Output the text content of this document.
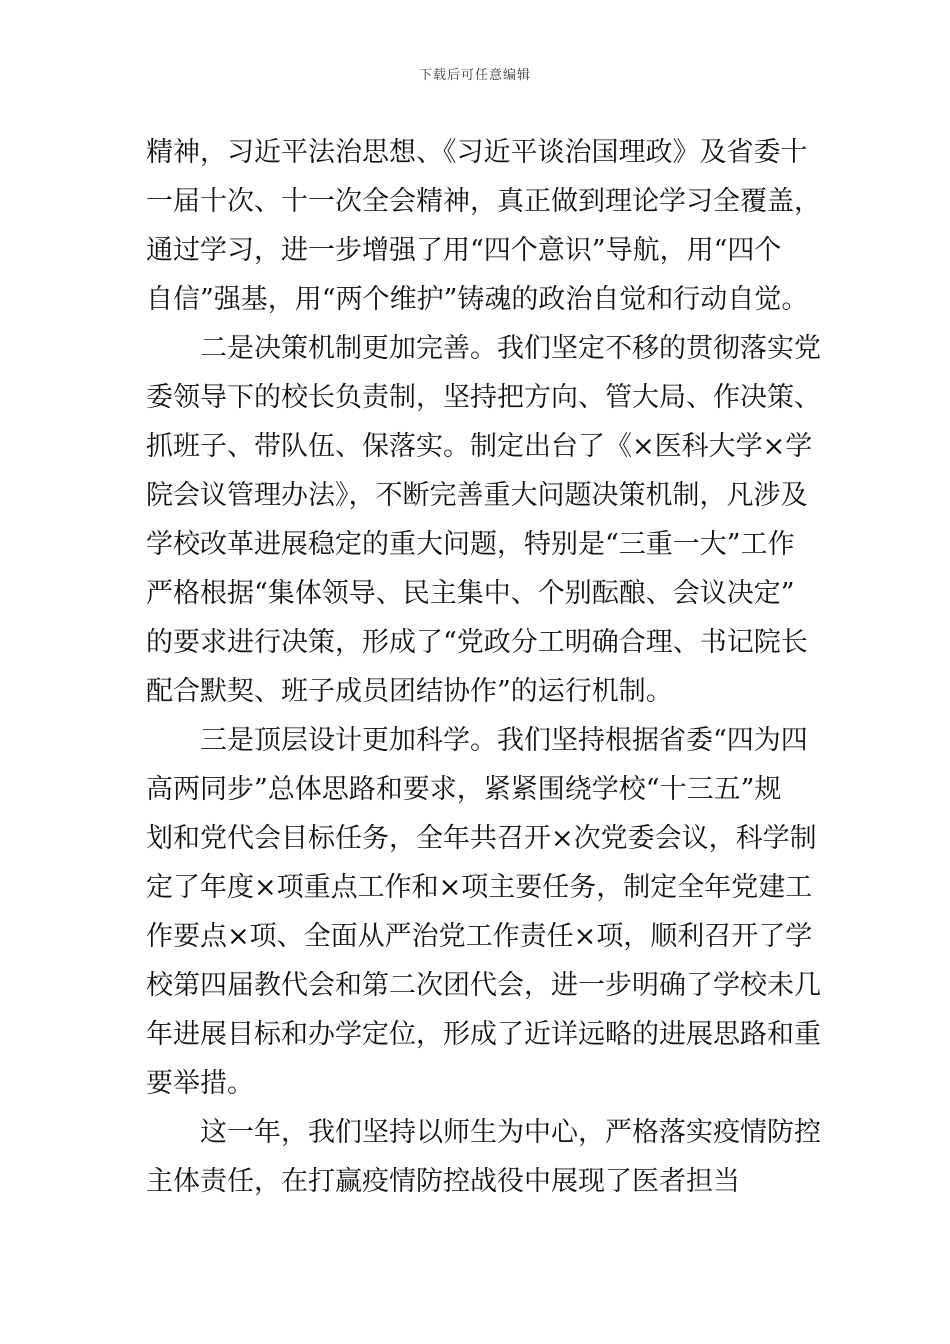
下载后可任意编辑
精神，习近平法治思想、《习近平谈治国理政》及省委十
一届十次、十一次全会精神，真正做到理论学习全覆盖，
通过学习，进一步增强了用“四个意识”导航，用“四个
自信”强基，用“两个维护”铸魂的政治自觉和行动自觉。
二是决策机制更加完善。我们坚定不移的贯彻落实党
委领导下的校长负责制，坚持把方向、管大局、作决策、
抓班子、带队伍、保落实。制定出台了《×医科大学×学
院会议管理办法》，不断完善重大问题决策机制，凡涉及
学校改革进展稳定的重大问题，特别是“三重一大”工作
严格根据“集体领导、民主集中、个别酝酿、会议决定”
的要求进行决策，形成了“党政分工明确合理、书记院长
配合默契、班子成员团结协作”的运行机制。
三是顶层设计更加科学。我们坚持根据省委“四为四
高两同步”总体思路和要求，紧紧围绕学校“十三五”规
划和党代会目标任务，全年共召开×次党委会议，科学制
定了年度×项重点工作和×项主要任务，制定全年党建工
作要点×项、全面从严治党工作责任×项，顺利召开了学
校第四届教代会和第二次团代会，进一步明确了学校未几
年进展目标和办学定位，形成了近详远略的进展思路和重
要举措。
这一年，我们坚持以师生为中心，严格落实疫情防控
主体责任，在打赢疫情防控战役中展现了医者担当
